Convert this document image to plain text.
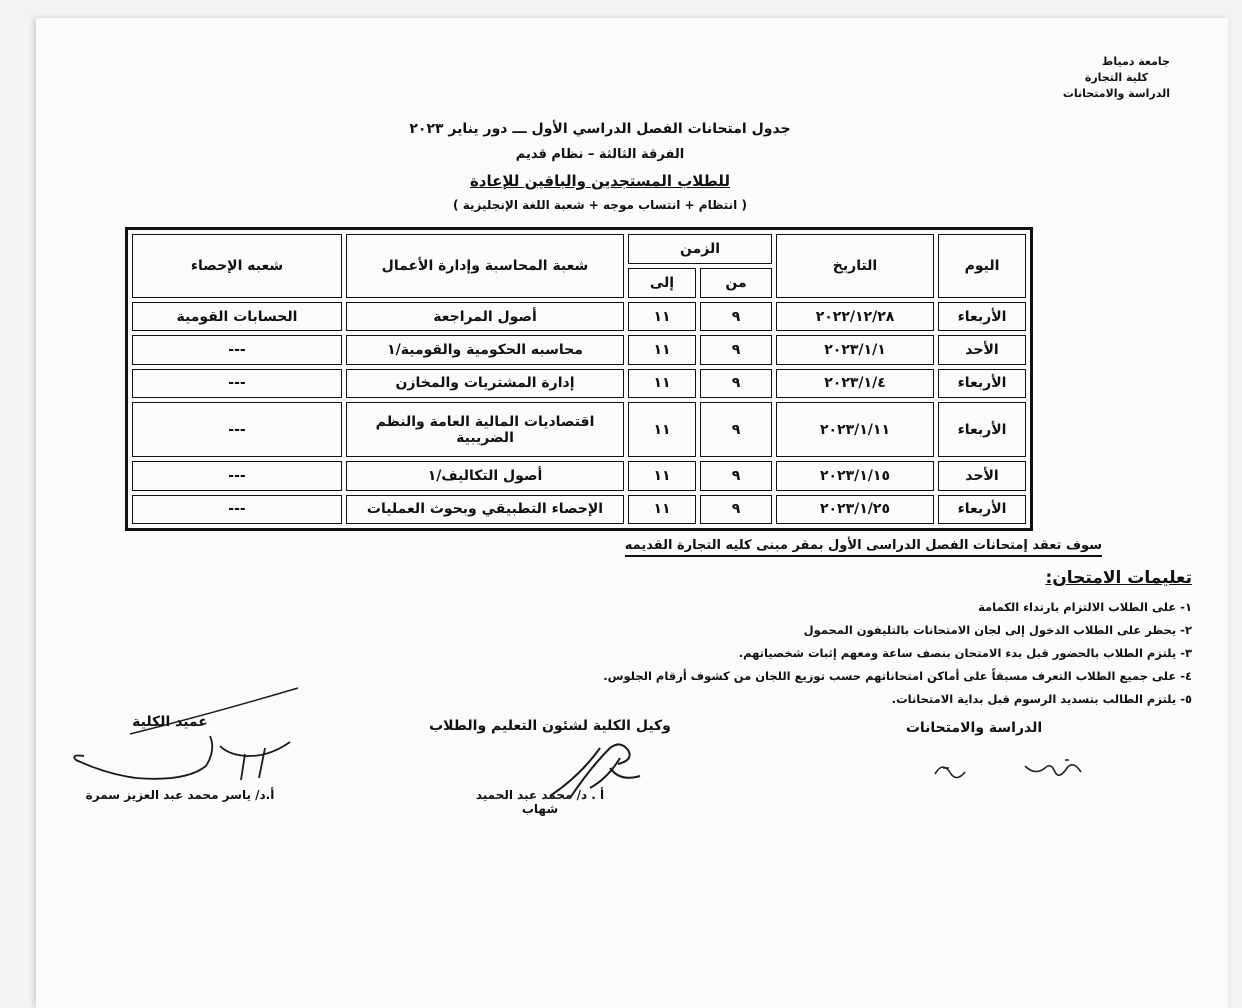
جامعة دمياط
كلية التجارة
الدراسة والامتحانات
جدول امتحانات الفصل الدراسي الأول ـــ دور يناير ٢٠٢٣
الفرقة الثالثة – نظام قديم
للطلاب المستجدين والباقين للإعادة
( انتظام + انتساب موجه + شعبة اللغة الإنجليزية )
اليوم	التاريخ	الزمن		شعبة المحاسبة وإدارة الأعمال	شعبه الإحصاء
		من	إلى		
الأربعاء	٢٠٢٢/١٢/٢٨	٩	١١	أصول المراجعة	الحسابات القومية
الأحد	٢٠٢٣/١/١	٩	١١	محاسبه الحكومية والقومية/١	---
الأربعاء	٢٠٢٣/١/٤	٩	١١	إدارة المشتريات والمخازن	---
الأربعاء	٢٠٢٣/١/١١	٩	١١	اقتصاديات المالية العامة والنظم الضريبية	---
الأحد	٢٠٢٣/١/١٥	٩	١١	أصول التكاليف/١	---
الأربعاء	٢٠٢٣/١/٢٥	٩	١١	الإحصاء التطبيقي وبحوث العمليات	---
سوف تعقد إمتحانات الفصل الدراسى الأول بمقر مبنى كليه التجارة القديمه
تعليمات الامتحان:
١- على الطلاب الالتزام بارتداء الكمامة
٢- يحظر على الطلاب الدخول إلى لجان الامتحانات بالتليفون المحمول
٣- يلتزم الطلاب بالحضور قبل بدء الامتحان بنصف ساعة ومعهم إثبات شخصياتهم.
٤- على جميع الطلاب التعرف مسبقاً على أماكن امتحاناتهم حسب توزيع اللجان من كشوف أرقام الجلوس.
٥- يلتزم الطالب بتسديد الرسوم قبل بداية الامتحانات.
الدراسة والامتحانات
وكيل الكلية لشئون التعليم والطلاب
أ . د/ محمد عبد الحميد شهاب
عميد الكلية
أ.د/ ياسر محمد عبد العزيز سمرة
